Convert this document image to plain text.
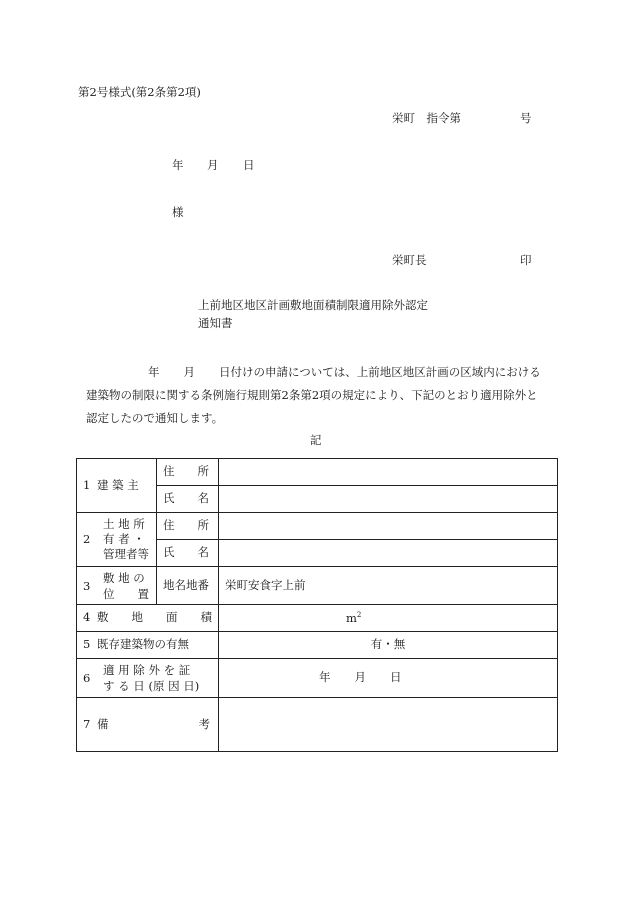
第2号様式(第2条第2項)
栄町　指令第	号
年 月 日
様
栄町長	印
上前地区地区計画敷地面積制限適用除外認定
通知書

年 月 日付けの申請については、上前地区地区計画の区域内における

建築物の制限に関する条例施行規則第2条第2項の規定により、下記のとおり適用除外と

認定したので通知します。

記
1 建 築 主	住　　所	
	氏　　名	

土 地 所
2 有 者 ・
管理者等	住　　所	
	氏　　名	

3
敷 地 の
位　　置	地名地番	栄町安食字上前
4 敷　　地　　面　　積		$m^2$
5 既存建築物の有無		有・無

6
適 用 除 外 を 証
す る 日 (原 因 日)		年 月 日

7 備 考		
